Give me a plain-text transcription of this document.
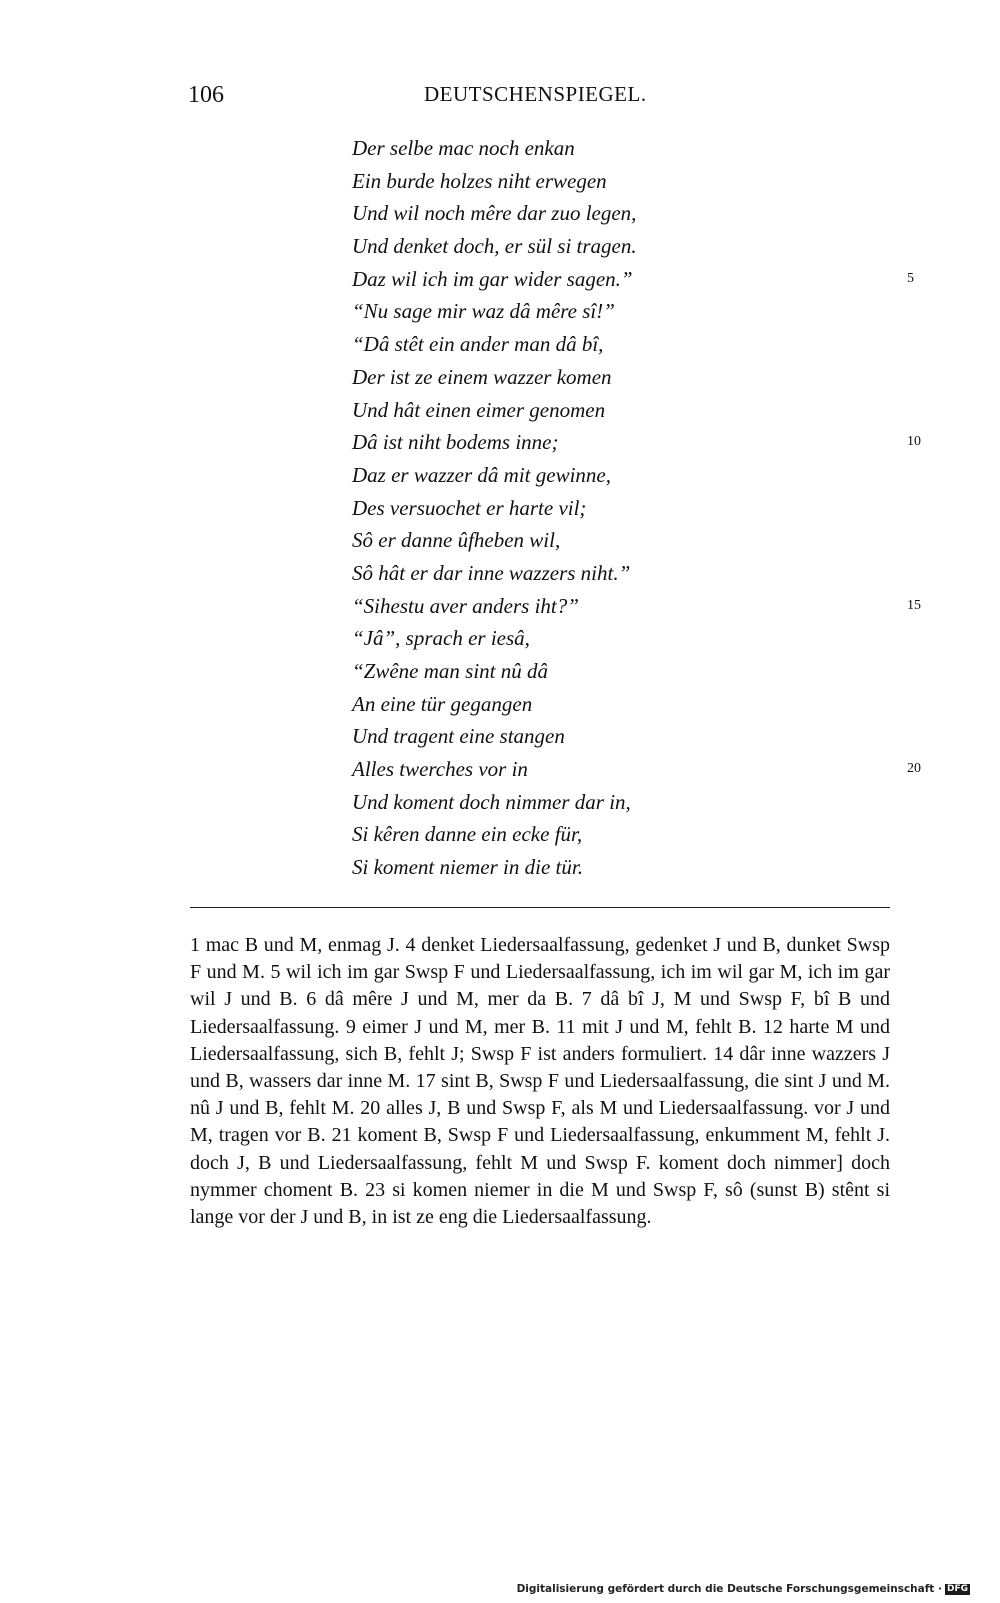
106	DEUTSCHENSPIEGEL.
Der selbe mac noch enkan
Ein burde holzes niht erwegen
Und wil noch mêre dar zuo legen,
Und denket doch, er sül si tragen.
Daz wil ich im gar wider sagen.”	5
“Nu sage mir waz dâ mêre sî!”
“Dâ stêt ein ander man dâ bî,
Der ist ze einem wazzer komen
Und hât einen eimer genomen
Dâ ist niht bodems inne;	10
Daz er wazzer dâ mit gewinne,
Des versuochet er harte vil;
Sô er danne ûfheben wil,
Sô hât er dar inne wazzers niht.”
“Sihestu aver anders iht?”	15
“Jâ”, sprach er iesâ,
“Zwêne man sint nû dâ
An eine tür gegangen
Und tragent eine stangen
Alles twerches vor in	20
Und koment doch nimmer dar in,
Si kêren danne ein ecke für,
Si koment niemer in die tür.

1 mac B und M, enmag J. 4 denket Liedersaalfassung, gedenket J und B, dunket Swsp F und M. 5 wil ich im gar Swsp F und Liedersaalfassung, ich im wil gar M, ich im gar wil J und B. 6 dâ mêre J und M, mer da B. 7 dâ bî J, M und Swsp F, bî B und Liedersaalfassung. 9 eimer J und M, mer B. 11 mit J und M, fehlt B. 12 harte M und Liedersaalfassung, sich B, fehlt J; Swsp F ist anders formuliert. 14 dâr inne wazzers J und B, wassers dar inne M. 17 sint B, Swsp F und Liedersaalfassung, die sint J und M. nû J und B, fehlt M. 20 alles J, B und Swsp F, als M und Liedersaalfassung. vor J und M, tragen vor B. 21 koment B, Swsp F und Liedersaalfassung, enkumment M, fehlt J. doch J, B und Liedersaalfassung, fehlt M und Swsp F. koment doch nimmer] doch nymmer choment B. 23 si komen niemer in die M und Swsp F, sô (sunst B) stênt si lange vor der J und B, in ist ze eng die Liedersaalfassung.

Digitalisierung gefördert durch die Deutsche Forschungsgemeinschaft · DFG
